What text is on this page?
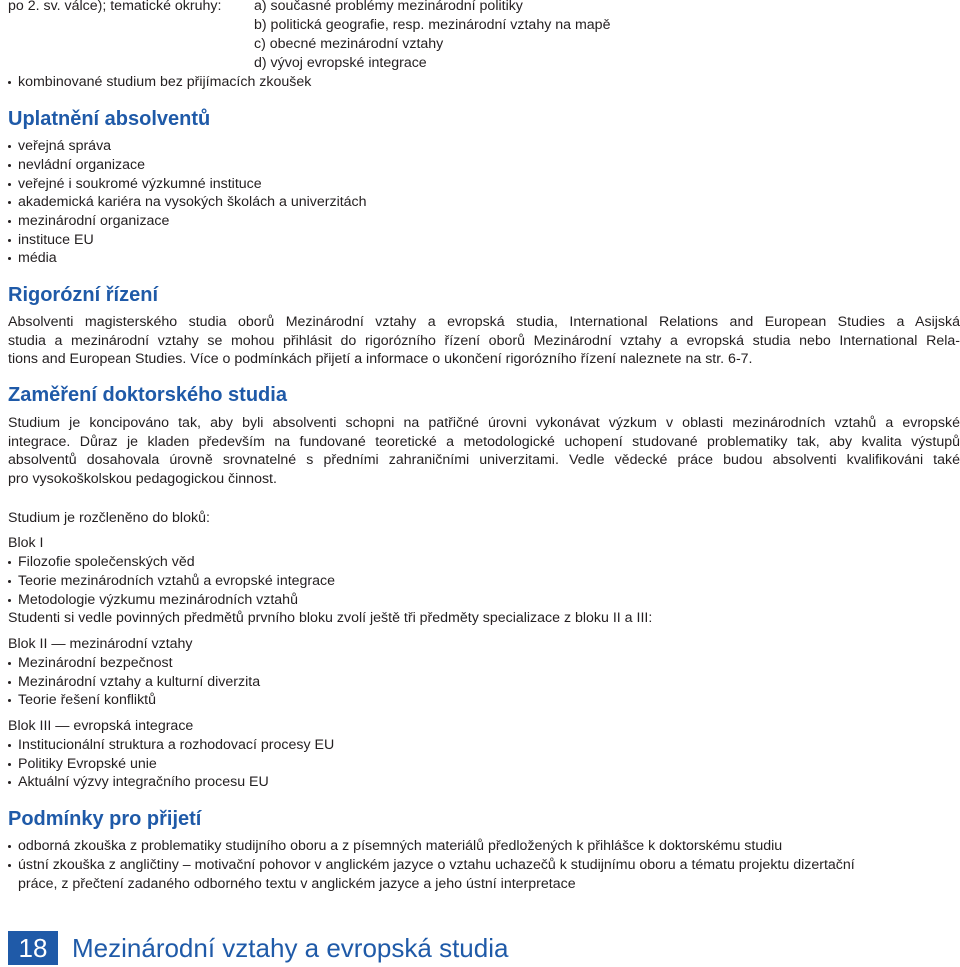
po 2. sv. válce); tematické okruhy: a) současné problémy mezinárodní politiky
b) politická geografie, resp. mezinárodní vztahy na mapě
c) obecné mezinárodní vztahy
d) vývoj evropské integrace
kombinované studium bez přijímacích zkoušek
Uplatnění absolventů
veřejná správa
nevládní organizace
veřejné i soukromé výzkumné instituce
akademická kariéra na vysokých školách a univerzitách
mezinárodní organizace
instituce EU
média
Rigorózní řízení
Absolventi magisterského studia oborů Mezinárodní vztahy a evropská studia, International Relations and European Studies a Asijská
studia a mezinárodní vztahy se mohou přihlásit do rigorózního řízení oborů Mezinárodní vztahy a evropská studia nebo International Rela-
tions and European Studies. Více o podmínkách přijetí a informace o ukončení rigorózního řízení naleznete na str. 6-7.
Zaměření doktorského studia
Studium je koncipováno tak, aby byli absolventi schopni na patřičné úrovni vykonávat výzkum v oblasti mezinárodních vztahů a evropské
integrace. Důraz je kladen především na fundované teoretické a metodologické uchopení studované problematiky tak, aby kvalita výstupů
absolventů dosahovala úrovně srovnatelné s předními zahraničními univerzitami. Vedle vědecké práce budou absolventi kvalifikováni také
pro vysokoškolskou pedagogickou činnost.
Studium je rozčleněno do bloků:
Blok I
Filozofie společenských věd
Teorie mezinárodních vztahů a evropské integrace
Metodologie výzkumu mezinárodních vztahů
Studenti si vedle povinných předmětů prvního bloku zvolí ještě tři předměty specializace z bloku II a III:
Blok II — mezinárodní vztahy
Mezinárodní bezpečnost
Mezinárodní vztahy a kulturní diverzita
Teorie řešení konfliktů
Blok III — evropská integrace
Institucionální struktura a rozhodovací procesy EU
Politiky Evropské unie
Aktuální výzvy integračního procesu EU
Podmínky pro přijetí
odborná zkouška z problematiky studijního oboru a z písemných materiálů předložených k přihlášce k doktorskému studiu
ústní zkouška z angličtiny – motivační pohovor v anglickém jazyce o vztahu uchazečů k studijnímu oboru a tématu projektu dizertační
práce, z přečtení zadaného odborného textu v anglickém jazyce a jeho ústní interpretace
18 Mezinárodní vztahy a evropská studia
